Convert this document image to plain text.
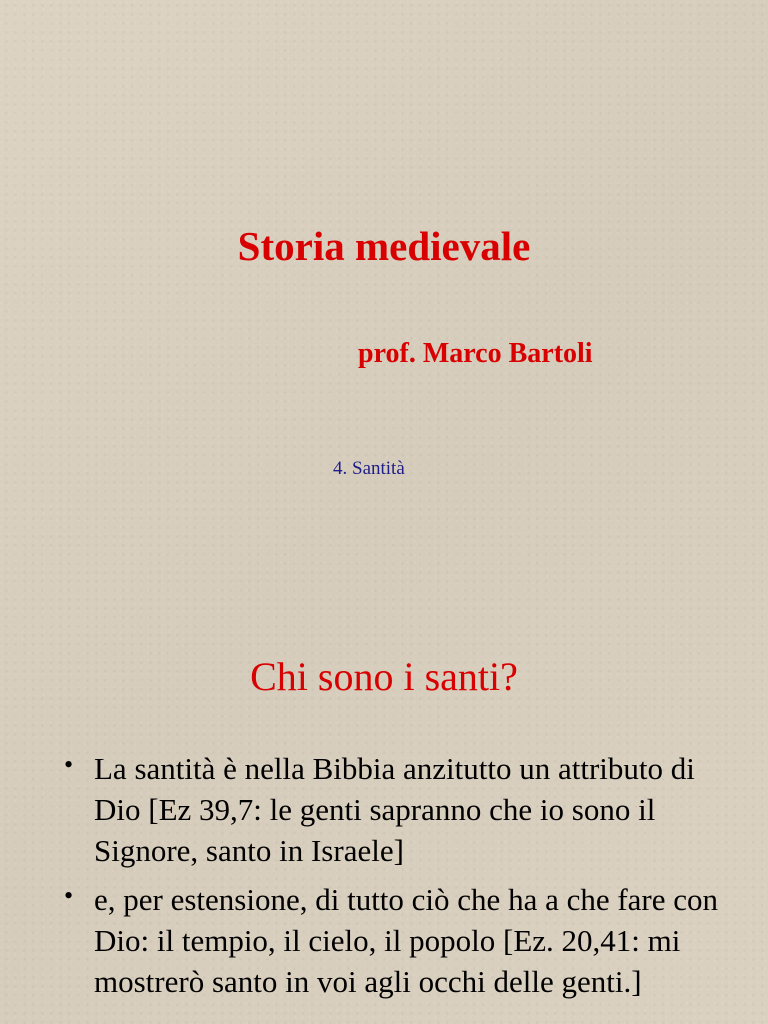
Storia medievale

prof. Marco Bartoli

4. Santità

Chi sono i santi?
• La santità è nella Bibbia anzitutto un attributo di Dio [Ez 39,7: le genti sapranno che io sono il Signore, santo in Israele]
• e, per estensione, di tutto ciò che ha a che fare con Dio: il tempio, il cielo, il popolo [Ez. 20,41: mi mostrerò santo in voi agli occhi delle genti.]
